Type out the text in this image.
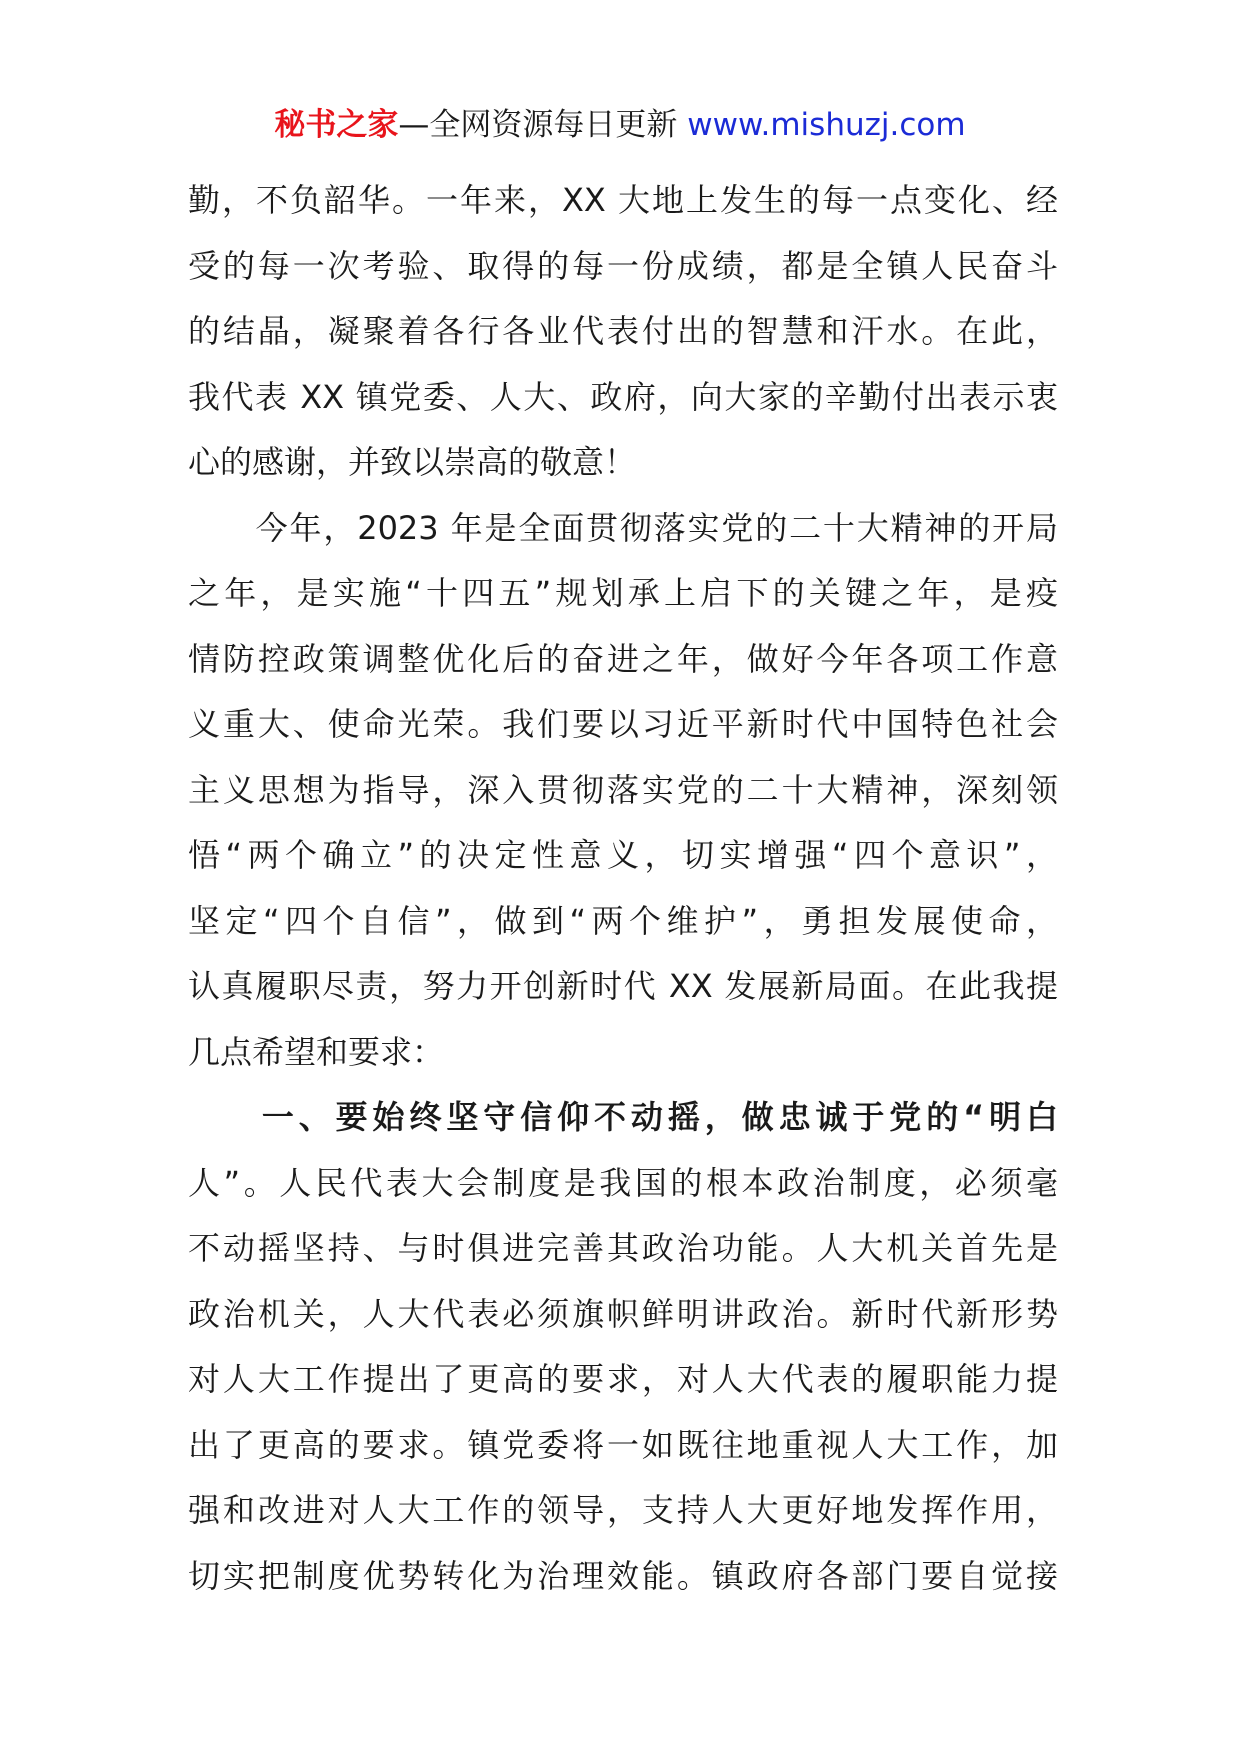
秘书之家—全网资源每日更新 www.mishuzj.com
勤，不负韶华。一年来，XX 大地上发生的每一点变化、经
受的每一次考验、取得的每一份成绩，都是全镇人民奋斗
的结晶，凝聚着各行各业代表付出的智慧和汗水。在此，
我代表 XX 镇党委、人大、政府，向大家的辛勤付出表示衷
心的感谢，并致以崇高的敬意！
　　今年，2023 年是全面贯彻落实党的二十大精神的开局
之年，是实施“十四五”规划承上启下的关键之年，是疫
情防控政策调整优化后的奋进之年，做好今年各项工作意
义重大、使命光荣。我们要以习近平新时代中国特色社会
主义思想为指导，深入贯彻落实党的二十大精神，深刻领
悟“两个确立”的决定性意义，切实增强“四个意识”，
坚定“四个自信”，做到“两个维护”，勇担发展使命，
认真履职尽责，努力开创新时代 XX 发展新局面。在此我提
几点希望和要求：
　　一、要始终坚守信仰不动摇，做忠诚于党的“明白
人”。人民代表大会制度是我国的根本政治制度，必须毫
不动摇坚持、与时俱进完善其政治功能。人大机关首先是
政治机关，人大代表必须旗帜鲜明讲政治。新时代新形势
对人大工作提出了更高的要求，对人大代表的履职能力提
出了更高的要求。镇党委将一如既往地重视人大工作，加
强和改进对人大工作的领导，支持人大更好地发挥作用，
切实把制度优势转化为治理效能。镇政府各部门要自觉接
